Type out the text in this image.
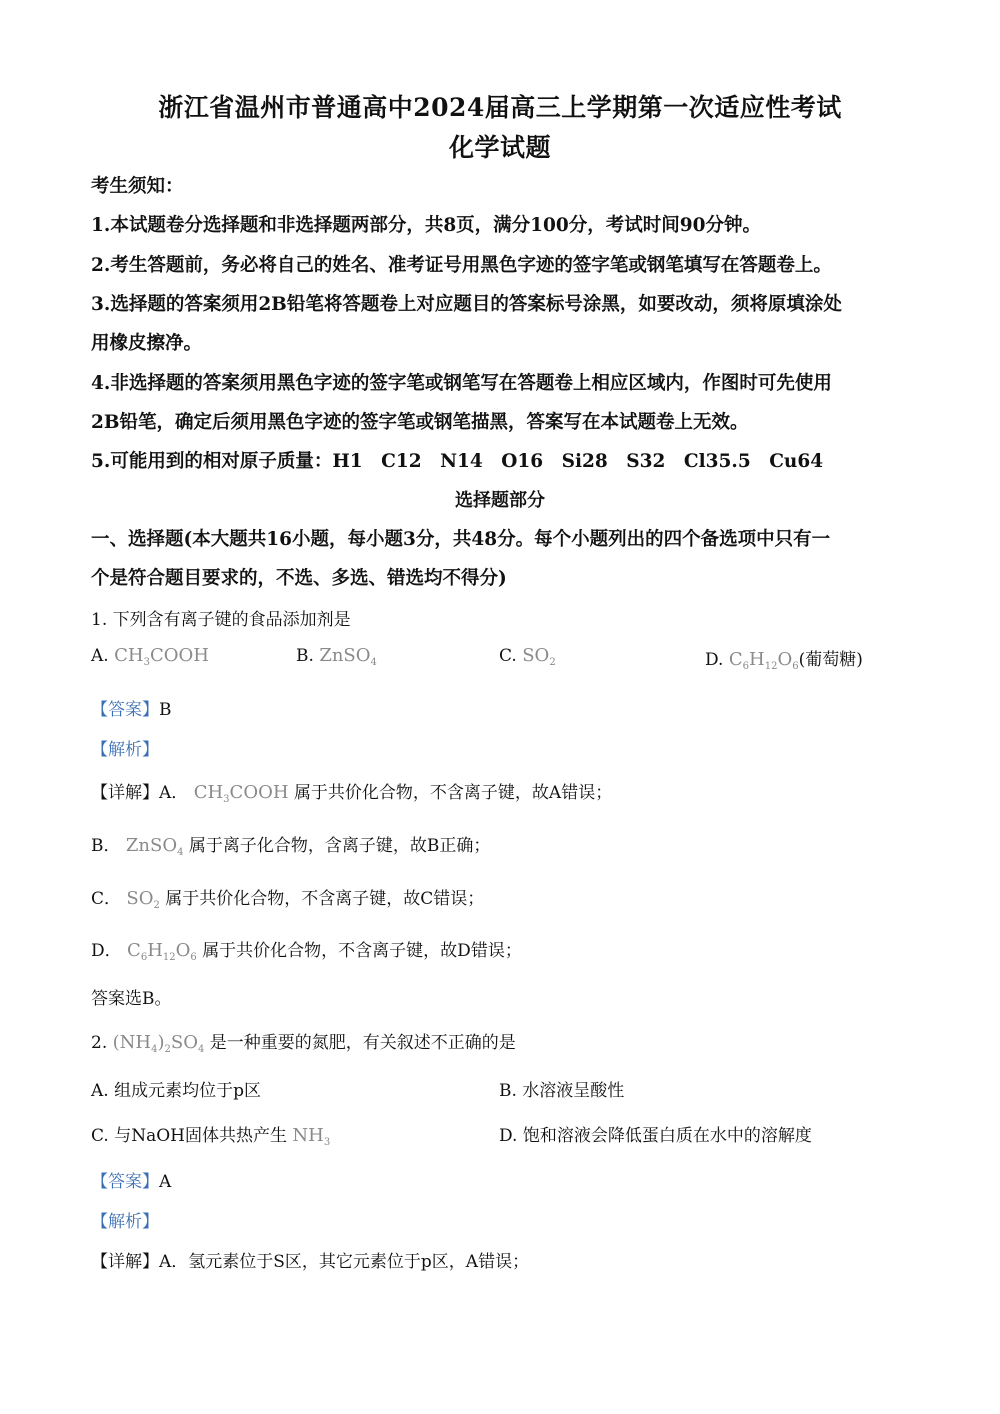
浙江省温州市普通高中2024届高三上学期第一次适应性考试
化学试题
考生须知：
1.本试题卷分选择题和非选择题两部分，共8页，满分100分，考试时间90分钟。
2.考生答题前，务必将自己的姓名、准考证号用黑色字迹的签字笔或钢笔填写在答题卷上。
3.选择题的答案须用2B铅笔将答题卷上对应题目的答案标号涂黑，如要改动，须将原填涂处
用橡皮擦净。
4.非选择题的答案须用黑色字迹的签字笔或钢笔写在答题卷上相应区域内，作图时可先使用
2B铅笔，确定后须用黑色字迹的签字笔或钢笔描黑，答案写在本试题卷上无效。
5.可能用到的相对原子质量：H1　C12　N14　O16　Si28　S32　Cl35.5　Cu64
选择题部分
一、选择题(本大题共16小题，每小题3分，共48分。每个小题列出的四个备选项中只有一
个是符合题目要求的，不选、多选、错选均不得分)
1. 下列含有离子键的食品添加剂是
A. $CH_3COOH$	B. ZnSO$_4$	C. $SO_2$	D. $C_6H_{12}O_6$(葡萄糖)
【答案】B
【解析】
【详解】A． $CH_3COOH$ 属于共价化合物，不含离子键，故A错误；
B． ZnSO$_4$ 属于离子化合物，含离子键，故B正确；
C． $SO_2$ 属于共价化合物，不含离子键，故C错误；
D． $C_6H_{12}O_6$ 属于共价化合物，不含离子键，故D错误；
答案选B。
2. $(NH_4)_2SO_4$ 是一种重要的氮肥，有关叙述不正确的是
A. 组成元素均位于p区	B. 水溶液呈酸性
C. 与NaOH固体共热产生 $NH_3$	D. 饱和溶液会降低蛋白质在水中的溶解度
【答案】A
【解析】
【详解】A．氢元素位于S区，其它元素位于p区，A错误；
